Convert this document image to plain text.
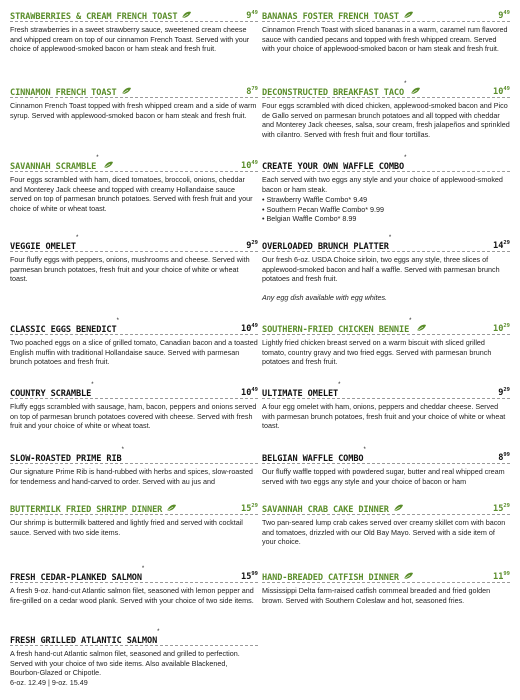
STRAWBERRIES & CREAM FRENCH TOAST	$9^{49}$

Fresh strawberries in a sweet strawberry sauce, sweetened cream cheese and whipped cream on top of our cinnamon French Toast. Served with your choice of applewood-smoked bacon or ham steak and fresh fruit.

CINNAMON FRENCH TOAST	$8^{79}$

Cinnamon French Toast topped with fresh whipped cream and a side of warm syrup. Served with applewood-smoked bacon or ham steak and fresh fruit.

SAVANNAH SCRAMBLE*
$10^{49}$

Four eggs scrambled with ham, diced tomatoes, broccoli, onions, cheddar and Monterey Jack cheese and topped with creamy Hollandaise sauce served on top of parmesan brunch potatoes. Served with fresh fruit and your choice of white or wheat toast.

VEGGIE OMELET*
$9^{29}$

Four fluffy eggs with peppers, onions, mushrooms and cheese. Served with parmesan brunch potatoes, fresh fruit and your choice of white or wheat toast.

CLASSIC EGGS BENEDICT*
$10^{49}$

Two poached eggs on a slice of grilled tomato, Canadian bacon and a toasted English muffin with traditional Hollandaise sauce. Served with parmesan brunch potatoes and fresh fruit.

COUNTRY SCRAMBLE*
$10^{49}$

Fluffy eggs scrambled with sausage, ham, bacon, peppers and onions served on top of parmesan brunch potatoes covered with cheese. Served with fresh fruit and your choice of white or wheat toast.

SLOW-ROASTED PRIME RIB*

Our signature Prime Rib is hand-rubbed with herbs and spices, slow-roasted for tenderness and hand-carved to order. Served with au jus and

BUTTERMILK FRIED SHRIMP DINNER	$15^{29}$

Our shrimp is buttermilk battered and lightly fried and served with cocktail sauce. Served with two side items.

FRESH CEDAR-PLANKED SALMON*
$15^{99}$

A fresh 9-oz. hand-cut Atlantic salmon filet, seasoned with lemon pepper and fire-grilled on a cedar wood plank. Served with your choice of two side items.

FRESH GRILLED ATLANTIC SALMON*

A fresh hand-cut Atlantic salmon filet, seasoned and grilled to perfection. Served with your choice of two side items. Also available Blackened, Bourbon-Glazed or Chipotle.

6-oz. 12.49 | 9-oz. 15.49

BANANAS FOSTER FRENCH TOAST	$9^{49}$

Cinnamon French Toast with sliced bananas in a warm, caramel rum flavored sauce with candied pecans and topped with fresh whipped cream. Served with your choice of applewood-smoked bacon or ham steak and fresh fruit.

DECONSTRUCTED BREAKFAST TACO*
$10^{49}$

Four eggs scrambled with diced chicken, applewood-smoked bacon and Pico de Gallo served on parmesan brunch potatoes and all topped with cheddar and Monterey Jack cheeses, salsa, sour cream, fresh jalapeños and sprinkled with cilantro. Served with fresh fruit and flour tortillas.

CREATE YOUR OWN WAFFLE COMBO*

Each served with two eggs any style and your choice of applewood-smoked bacon or ham steak.

• Strawberry Waffle Combo* 9.49
• Southern Pecan Waffle Combo* 9.99
• Belgian Waffle Combo* 8.99
OVERLOADED BRUNCH PLATTER*
$14^{29}$

Our fresh 6-oz. USDA Choice sirloin, two eggs any style, three slices of applewood-smoked bacon and half a waffle. Served with parmesan brunch potatoes and fresh fruit.

Any egg dish available with egg whites.
SOUTHERN-FRIED CHICKEN BENNIE*
$10^{29}$

Lightly fried chicken breast served on a warm biscuit with sliced grilled tomato, country gravy and two fried eggs. Served with parmesan brunch potatoes and fresh fruit.

ULTIMATE OMELET*
$9^{29}$

A four egg omelet with ham, onions, peppers and cheddar cheese. Served with parmesan brunch potatoes, fresh fruit and your choice of white or wheat toast.

BELGIAN WAFFLE COMBO*
$8^{99}$

Our fluffy waffle topped with powdered sugar, butter and real whipped cream served with two eggs any style and your choice of bacon or ham

SAVANNAH CRAB CAKE DINNER	$15^{29}$

Two pan-seared lump crab cakes served over creamy skillet corn with bacon and tomatoes, drizzled with our Old Bay Mayo. Served with a side item of your choice.

HAND-BREADED CATFISH DINNER	$11^{99}$

Mississippi Delta farm-raised catfish cornmeal breaded and fried golden brown. Served with Southern Coleslaw and hot, seasoned fries.
